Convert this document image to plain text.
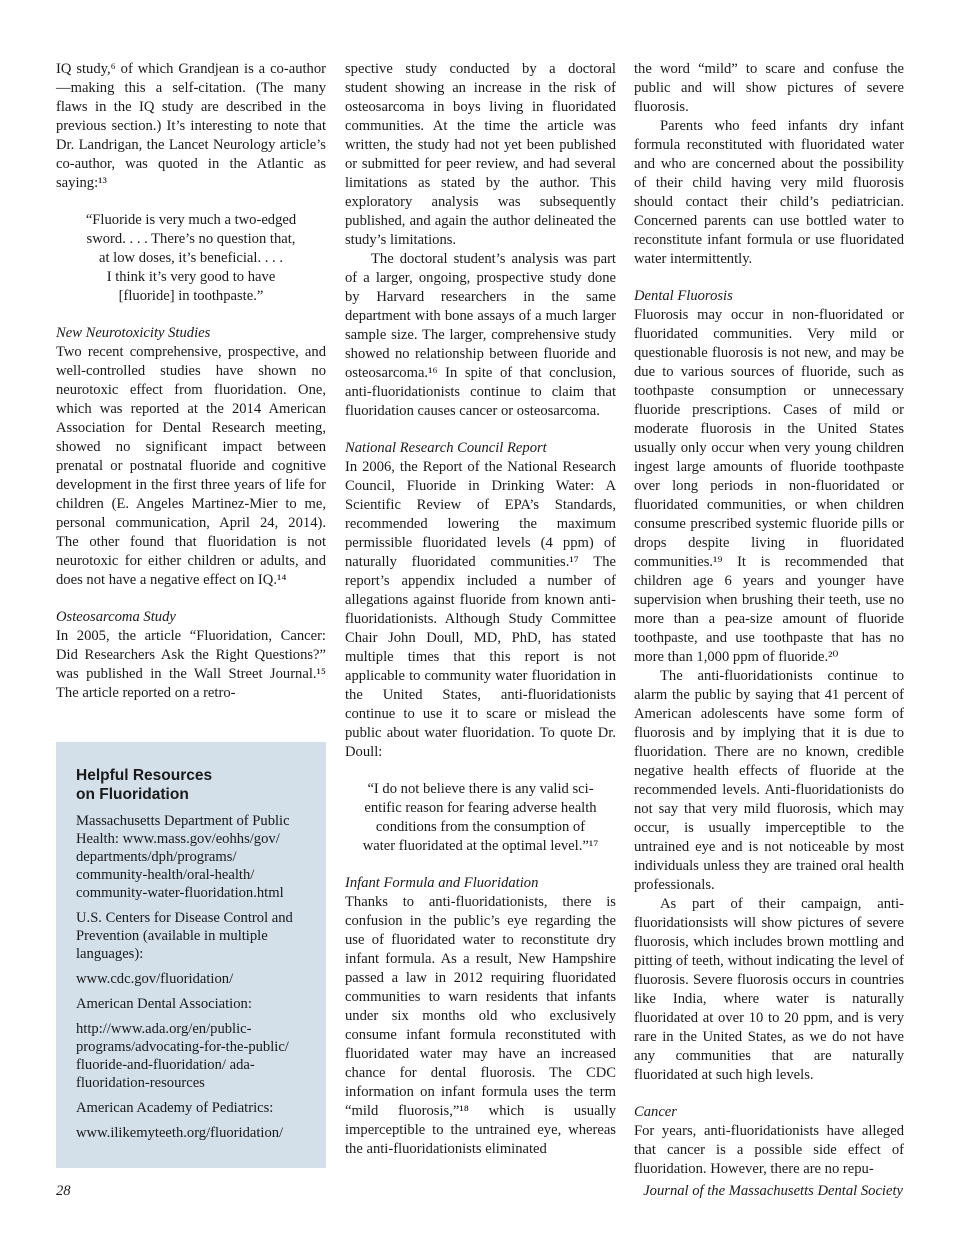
IQ study,⁶ of which Grandjean is a co-author—making this a self-citation. (The many flaws in the IQ study are described in the previous section.) It’s interesting to note that Dr. Landrigan, the Lancet Neurology article’s co-author, was quoted in the Atlantic as saying:¹³

“Fluoride is very much a two-edged

sword. . . . There’s no question that,

at low doses, it’s beneficial. . . .

I think it’s very good to have

[fluoride] in toothpaste.”

New Neurotoxicity Studies

Two recent comprehensive, prospective, and well-controlled studies have shown no neurotoxic effect from fluoridation. One, which was reported at the 2014 American Association for Dental Research meeting, showed no significant impact between prenatal or postnatal fluoride and cognitive development in the first three years of life for children (E. Angeles Martinez-Mier to me, personal communication, April 24, 2014). The other found that fluoridation is not neurotoxic for either children or adults, and does not have a negative effect on IQ.¹⁴

Osteosarcoma Study

In 2005, the article “Fluoridation, Cancer: Did Researchers Ask the Right Questions?” was published in the Wall Street Journal.¹⁵ The article reported on a retro-

Helpful Resources
on Fluoridation

Massachusetts Department of Public Health: www.mass.gov/eohhs/gov/ departments/dph/programs/ community-health/oral-health/ community-water-fluoridation.html

U.S. Centers for Disease Control and Prevention (available in multiple languages):

www.cdc.gov/fluoridation/

American Dental Association:

http://www.ada.org/en/public-programs/advocating-for-the-public/ fluoride-and-fluoridation/ ada-fluoridation-resources

American Academy of Pediatrics:

www.ilikemyteeth.org/fluoridation/

spective study conducted by a doctoral student showing an increase in the risk of osteosarcoma in boys living in fluoridated communities. At the time the article was written, the study had not yet been published or submitted for peer review, and had several limitations as stated by the author. This exploratory analysis was subsequently published, and again the author delineated the study’s limitations.

The doctoral student’s analysis was part of a larger, ongoing, prospective study done by Harvard researchers in the same department with bone assays of a much larger sample size. The larger, comprehensive study showed no relationship between fluoride and osteosarcoma.¹⁶ In spite of that conclusion, anti-fluoridationists continue to claim that fluoridation causes cancer or osteosarcoma.

National Research Council Report

In 2006, the Report of the National Research Council, Fluoride in Drinking Water: A Scientific Review of EPA’s Standards, recommended lowering the maximum permissible fluoridated levels (4 ppm) of naturally fluoridated communities.¹⁷ The report’s appendix included a number of allegations against fluoride from known anti-fluoridationists. Although Study Committee Chair John Doull, MD, PhD, has stated multiple times that this report is not applicable to community water fluoridation in the United States, anti-fluoridationists continue to use it to scare or mislead the public about water fluoridation. To quote Dr. Doull:

“I do not believe there is any valid sci-

entific reason for fearing adverse health

conditions from the consumption of

water fluoridated at the optimal level.”¹⁷

Infant Formula and Fluoridation

Thanks to anti-fluoridationists, there is confusion in the public’s eye regarding the use of fluoridated water to reconstitute dry infant formula. As a result, New Hampshire passed a law in 2012 requiring fluoridated communities to warn residents that infants under six months old who exclusively consume infant formula reconstituted with fluoridated water may have an increased chance for dental fluorosis. The CDC information on infant formula uses the term “mild fluorosis,”¹⁸ which is usually imperceptible to the untrained eye, whereas the anti-fluoridationists eliminated

the word “mild” to scare and confuse the public and will show pictures of severe fluorosis.

Parents who feed infants dry infant formula reconstituted with fluoridated water and who are concerned about the possibility of their child having very mild fluorosis should contact their child’s pediatrician. Concerned parents can use bottled water to reconstitute infant formula or use fluoridated water intermittently.

Dental Fluorosis

Fluorosis may occur in non-fluoridated or fluoridated communities. Very mild or questionable fluorosis is not new, and may be due to various sources of fluoride, such as toothpaste consumption or unnecessary fluoride prescriptions. Cases of mild or moderate fluorosis in the United States usually only occur when very young children ingest large amounts of fluoride toothpaste over long periods in non-fluoridated or fluoridated communities, or when children consume prescribed systemic fluoride pills or drops despite living in fluoridated communities.¹⁹ It is recommended that children age 6 years and younger have supervision when brushing their teeth, use no more than a pea-size amount of fluoride toothpaste, and use toothpaste that has no more than 1,000 ppm of fluoride.²⁰

The anti-fluoridationists continue to alarm the public by saying that 41 percent of American adolescents have some form of fluorosis and by implying that it is due to fluoridation. There are no known, credible negative health effects of fluoride at the recommended levels. Anti-fluoridationists do not say that very mild fluorosis, which may occur, is usually imperceptible to the untrained eye and is not noticeable by most individuals unless they are trained oral health professionals.

As part of their campaign, anti-fluoridationsists will show pictures of severe fluorosis, which includes brown mottling and pitting of teeth, without indicating the level of fluorosis. Severe fluorosis occurs in countries like India, where water is naturally fluoridated at over 10 to 20 ppm, and is very rare in the United States, as we do not have any communities that are naturally fluoridated at such high levels.

Cancer

For years, anti-fluoridationists have alleged that cancer is a possible side effect of fluoridation. However, there are no repu-

28	Journal of the Massachusetts Dental Society
